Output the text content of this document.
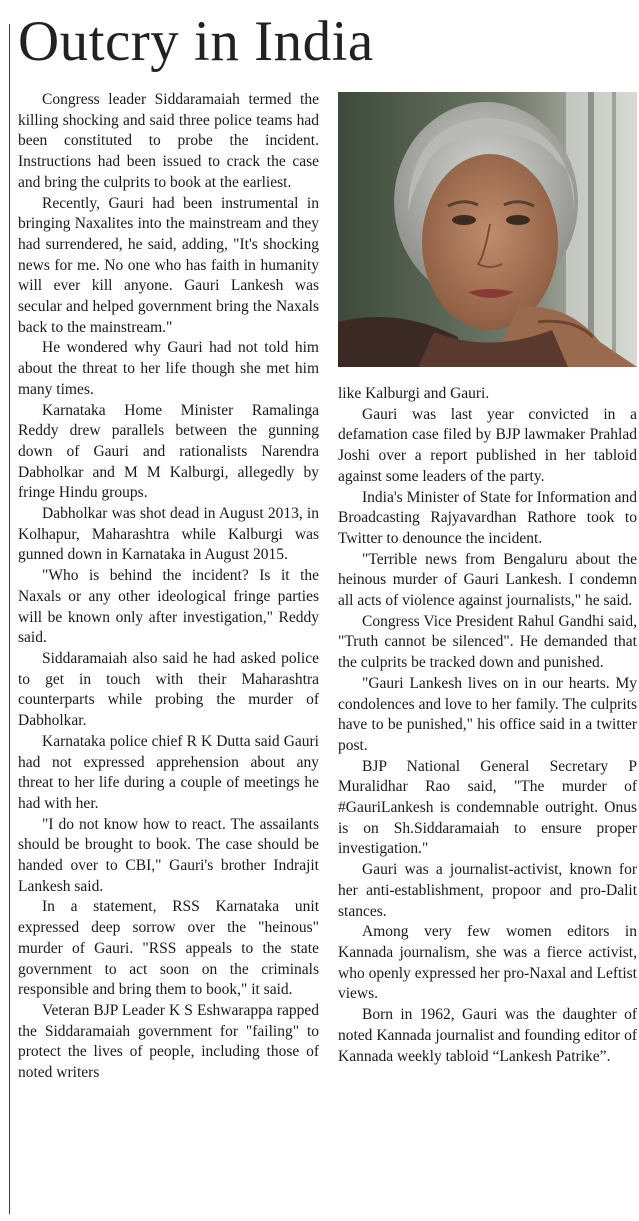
Outcry in India

Congress leader Siddaramaiah termed the killing shocking and said three police teams had been constituted to probe the incident. Instructions had been issued to crack the case and bring the culprits to book at the earliest.

Recently, Gauri had been instrumental in bringing Naxalites into the mainstream and they had surrendered, he said, adding, "It's shocking news for me. No one who has faith in humanity will ever kill anyone. Gauri Lankesh was secular and helped government bring the Naxals back to the mainstream."

He wondered why Gauri had not told him about the threat to her life though she met him many times.

Karnataka Home Minister Ramalinga Reddy drew parallels between the gunning down of Gauri and rationalists Narendra Dabholkar and M M Kalburgi, allegedly by fringe Hindu groups.

Dabholkar was shot dead in August 2013, in Kolhapur, Maharashtra while Kalburgi was gunned down in Karnataka in August 2015.

"Who is behind the incident? Is it the Naxals or any other ideological fringe parties will be known only after investigation," Reddy said.

Siddaramaiah also said he had asked police to get in touch with their Maharashtra counterparts while probing the murder of Dabholkar.

Karnataka police chief R K Dutta said Gauri had not expressed apprehension about any threat to her life during a couple of meetings he had with her.

"I do not know how to react. The assailants should be brought to book. The case should be handed over to CBI," Gauri's brother Indrajit Lankesh said.

In a statement, RSS Karnataka unit expressed deep sorrow over the "heinous" murder of Gauri. "RSS appeals to the state government to act soon on the criminals responsible and bring them to book," it said.

Veteran BJP Leader K S Eshwarappa rapped the Siddaramaiah government for "failing" to protect the lives of people, including those of noted writers

like Kalburgi and Gauri.

Gauri was last year convicted in a defamation case filed by BJP lawmaker Prahlad Joshi over a report published in her tabloid against some leaders of the party.

India's Minister of State for Information and Broadcasting Rajyavardhan Rathore took to Twitter to denounce the incident.

"Terrible news from Bengaluru about the heinous murder of Gauri Lankesh. I condemn all acts of violence against journalists," he said.

Congress Vice President Rahul Gandhi said, "Truth cannot be silenced". He demanded that the culprits be tracked down and punished.

"Gauri Lankesh lives on in our hearts. My condolences and love to her family. The culprits have to be punished," his office said in a twitter post.

BJP National General Secretary P Muralidhar Rao said, "The murder of #GauriLankesh is condemnable outright. Onus is on Sh.Siddaramaiah to ensure proper investigation."

Gauri was a journalist-activist, known for her anti-establishment, propoor and pro-Dalit stances.

Among very few women editors in Kannada journalism, she was a fierce activist, who openly expressed her pro-Naxal and Leftist views.

Born in 1962, Gauri was the daughter of noted Kannada journalist and founding editor of Kannada weekly tabloid “Lankesh Patrike”.
